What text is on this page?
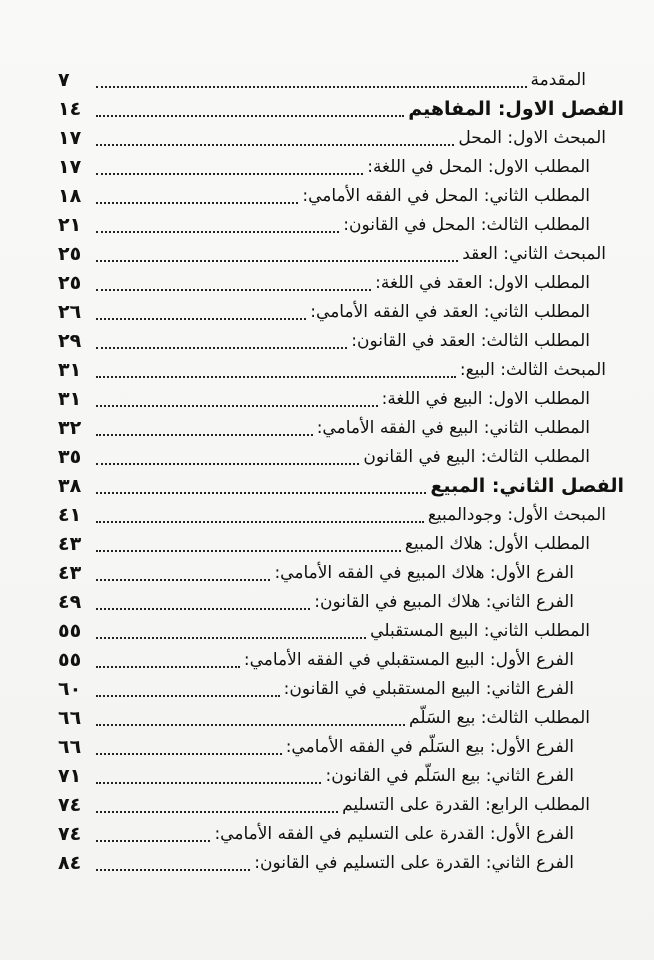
المقدمة
٧
الفصل الاول: المفاهيم
١٤
المبحث الاول: المحل
١٧
المطلب الاول: المحل في اللغة:
١٧
المطلب الثاني: المحل في الفقه الأمامي:
١٨
المطلب الثالث: المحل في القانون:
٢١
المبحث الثاني: العقد
٢٥
المطلب الاول: العقد في اللغة:
٢٥
المطلب الثاني: العقد في الفقه الأمامي:
٢٦
المطلب الثالث: العقد في القانون:
٢٩
المبحث الثالث: البيع:
٣١
المطلب الاول: البيع في اللغة:
٣١
المطلب الثاني: البيع في الفقه الأمامي:
٣٢
المطلب الثالث: البيع في القانون
٣٥
الفصل الثاني: المبيع
٣٨
المبحث الأول: وجودالمبيع
٤١
المطلب الأول: هلاك المبيع
٤٣
الفرع الأول: هلاك المبيع في الفقه الأمامي:
٤٣
الفرع الثاني: هلاك المبيع في القانون:
٤٩
المطلب الثاني: البيع المستقبلي
٥٥
الفرع الأول: البيع المستقبلي في الفقه الأمامي:
٥٥
الفرع الثاني: البيع المستقبلي في القانون:
٦٠
المطلب الثالث: بيع السَلّم
٦٦
الفرع الأول: بيع السَلّم في الفقه الأمامي:
٦٦
الفرع الثاني: بيع السَلّم في القانون:
٧١
المطلب الرابع: القدرة على التسليم
٧٤
الفرع الأول: القدرة على التسليم في الفقه الأمامي:
٧٤
الفرع الثاني: القدرة على التسليم في القانون:
٨٤
